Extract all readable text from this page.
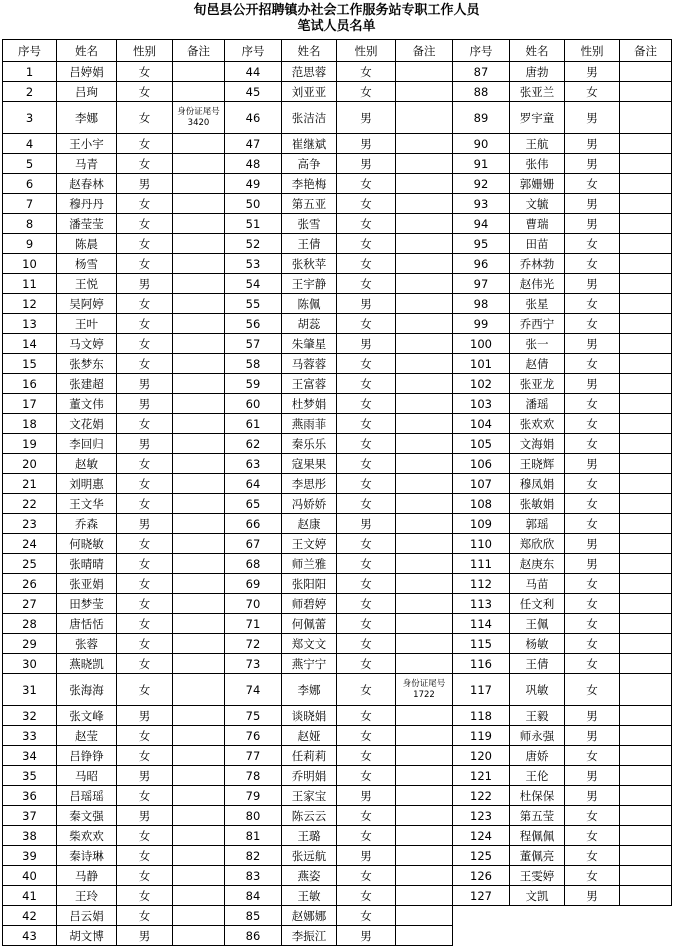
旬邑县公开招聘镇办社会工作服务站专职工作人员
笔试人员名单
序号	姓名	性别	备注	序号	姓名	性别	备注	序号	姓名	性别	备注
1	吕婷娟	女		44	范思蓉	女		87	唐勃	男	
2	吕珣	女		45	刘亚亚	女		88	张亚兰	女	
3	李娜	女	身份证尾号3420	46	张洁洁	男		89	罗宇童	男	
4	王小宇	女		47	崔继斌	男		90	王航	男	
5	马青	女		48	高争	男		91	张伟	男	
6	赵春林	男		49	李艳梅	女		92	郭姗姗	女	
7	穆丹丹	女		50	第五亚	女		93	文毓	男	
8	潘莹莹	女		51	张雪	女		94	曹瑞	男	
9	陈晨	女		52	王倩	女		95	田苗	女	
10	杨雪	女		53	张秋苹	女		96	乔林勃	女	
11	王悦	男		54	王宇静	女		97	赵伟光	男	
12	吴阿婷	女		55	陈佩	男		98	张星	女	
13	王叶	女		56	胡蕊	女		99	乔西宁	女	
14	马文婷	女		57	朱肇星	男		100	张一	男	
15	张梦东	女		58	马蓉蓉	女		101	赵倩	女	
16	张建超	男		59	王富蓉	女		102	张亚龙	男	
17	董文伟	男		60	杜梦娟	女		103	潘瑶	女	
18	文花娟	女		61	燕雨菲	女		104	张欢欢	女	
19	李回归	男		62	秦乐乐	女		105	文海娟	女	
20	赵敏	女		63	寇果果	女		106	王晓辉	男	
21	刘明惠	女		64	李思彤	女		107	穆凤娟	女	
22	王文华	女		65	冯娇娇	女		108	张敏娟	女	
23	乔森	男		66	赵康	男		109	郭瑶	女	
24	何晓敏	女		67	王文婷	女		110	郑欣欣	男	
25	张晴晴	女		68	师兰雅	女		111	赵庚东	男	
26	张亚娟	女		69	张阳阳	女		112	马苗	女	
27	田梦莹	女		70	师碧婷	女		113	任文利	女	
28	唐恬恬	女		71	何佩蕾	女		114	王佩	女	
29	张蓉	女		72	郑文文	女		115	杨敏	女	
30	燕晓凯	女		73	燕宁宁	女		116	王倩	女	
31	张海海	女		74	李娜	女	身份证尾号1722	117	巩敏	女	
32	张文峰	男		75	谈晓娟	女		118	王毅	男	
33	赵莹	女		76	赵娅	女		119	师永强	男	
34	吕铮铮	女		77	任莉莉	女		120	唐娇	女	
35	马昭	男		78	乔明娟	女		121	王伦	男	
36	吕瑶瑶	女		79	王家宝	男		122	杜保保	男	
37	秦文强	男		80	陈云云	女		123	第五莹	女	
38	柴欢欢	女		81	王璐	女		124	程佩佩	女	
39	秦诗琳	女		82	张远航	男		125	董佩亮	女	
40	马静	女		83	燕姿	女		126	王雯婷	女	
41	王玲	女		84	王敏	女		127	文凯	男	
42	吕云娟	女		85	赵娜娜	女					
43	胡文博	男		86	李振江	男					
